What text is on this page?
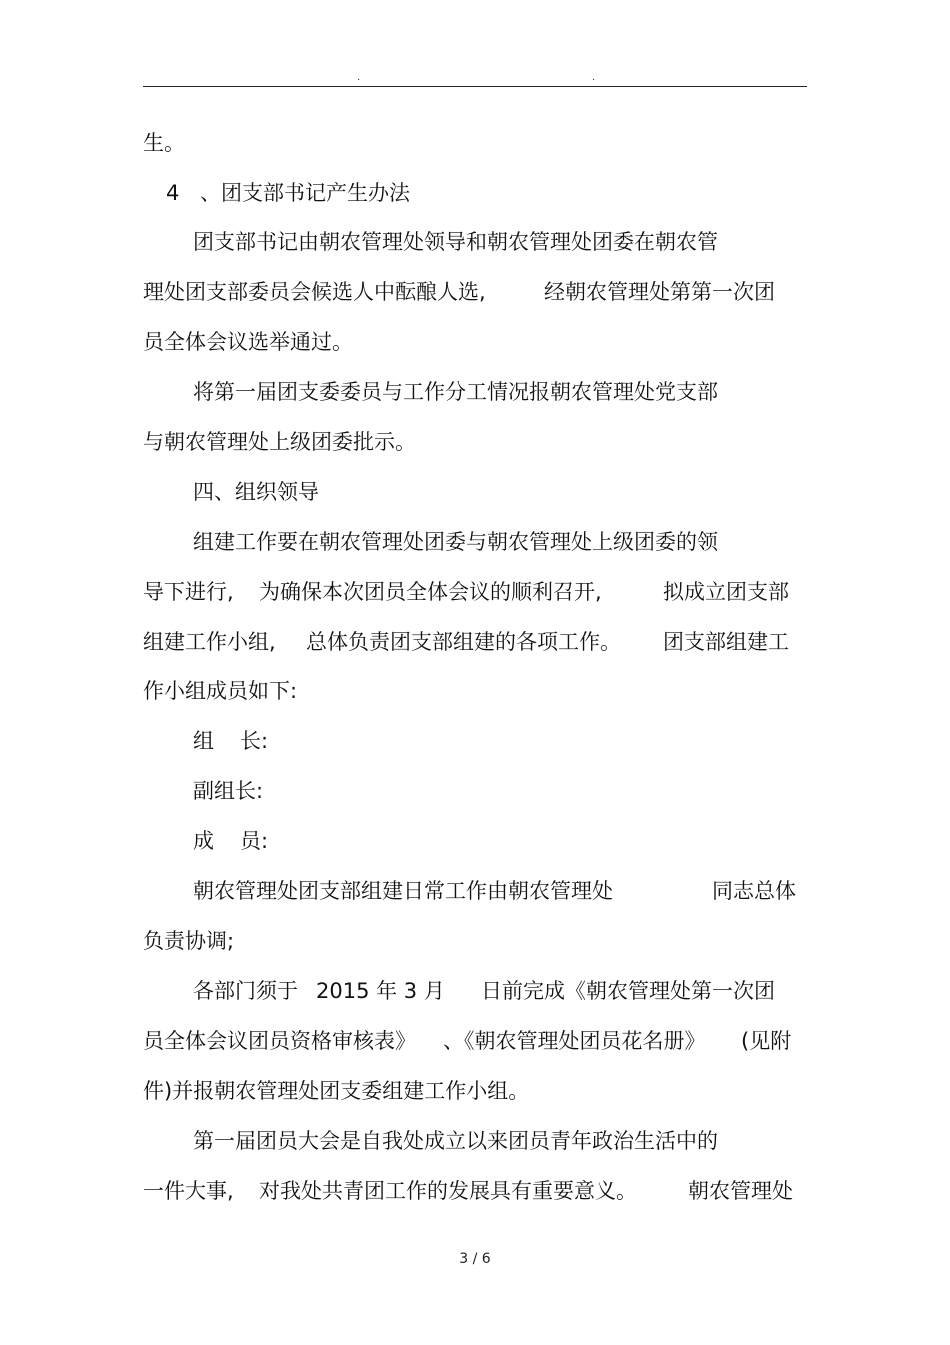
.	.
生。
4 、团支部书记产生办法
团支部书记由朝农管理处领导和朝农管理处团委在朝农管
理处团支部委员会候选人中酝酿人选,	经朝农管理处第第一次团
员全体会议选举通过。
将第一届团支委委员与工作分工情况报朝农管理处党支部
与朝农管理处上级团委批示。
四、组织领导
组建工作要在朝农管理处团委与朝农管理处上级团委的领
导下进行, 为确保本次团员全体会议的顺利召开,	拟成立团支部
组建工作小组, 总体负责团支部组建的各项工作。 团支部组建工
作小组成员如下:
组 长:
副组长:
成 员:
朝农管理处团支部组建日常工作由朝农管理处	同志总体
负责协调;
各部门须于 2015 年 3 月 日前完成《朝农管理处第一次团
员全体会议团员资格审核表》 、《朝农管理处团员花名册》 (见附
件)并报朝农管理处团支委组建工作小组。
第一届团员大会是自我处成立以来团员青年政治生活中的
一件大事, 对我处共青团工作的发展具有重要意义。 朝农管理处
3 / 6
